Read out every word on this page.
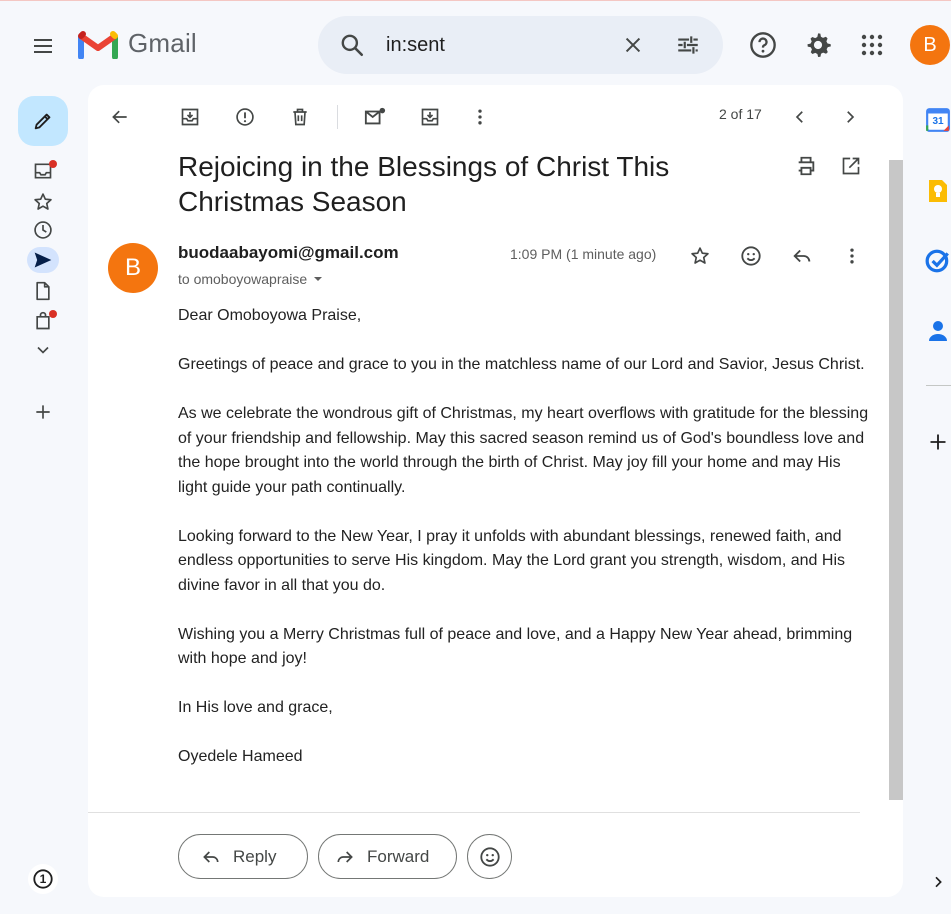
Gmail
in:sent	B
1
2 of 17
Rejoicing in the Blessings of Christ This Christmas Season
B
buodaabayomi@gmail.com
to omoboyowapraise
1:09 PM (1 minute ago)

Dear Omoboyowa Praise,

Greetings of peace and grace to you in the matchless name of our Lord and Savior, Jesus Christ.

As we celebrate the wondrous gift of Christmas, my heart overflows with gratitude for the blessing of your friendship and fellowship. May this sacred season remind us of God's boundless love and the hope brought into the world through the birth of Christ. May joy fill your home and may His light guide your path continually.

Looking forward to the New Year, I pray it unfolds with abundant blessings, renewed faith, and endless opportunities to serve His kingdom. May the Lord grant you strength, wisdom, and His divine favor in all that you do.

Wishing you a Merry Christmas full of peace and love, and a Happy New Year ahead, brimming with hope and joy!

In His love and grace,

Oyedele Hameed

Reply	Forward
31
